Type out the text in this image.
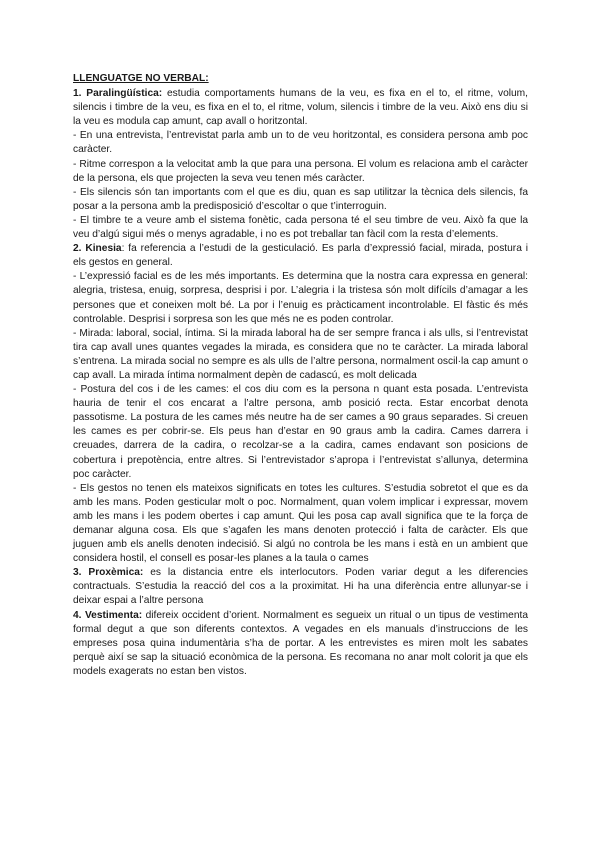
LLENGUATGE NO VERBAL:

1. Paralingüística: estudia comportaments humans de la veu, es fixa en el to, el ritme, volum, silencis i timbre de la veu, es fixa en el to, el ritme, volum, silencis i timbre de la veu. Això ens diu si la veu es modula cap amunt, cap avall o horitzontal.

- En una entrevista, l’entrevistat parla amb un to de veu horitzontal, es considera persona amb poc caràcter.

- Ritme correspon a la velocitat amb la que para una persona. El volum es relaciona amb el caràcter de la persona, els que projecten la seva veu tenen més caràcter.

- Els silencis són tan importants com el que es diu, quan es sap utilitzar la tècnica dels silencis, fa posar a la persona amb la predisposició d’escoltar o que t’interroguin.

- El timbre te a veure amb el sistema fonètic, cada persona té el seu timbre de veu. Això fa que la veu d’algú sigui més o menys agradable, i no es pot treballar tan fàcil com la resta d’elements.

2. Kinesia: fa referencia a l’estudi de la gesticulació. Es parla d’expressió facial, mirada, postura i els gestos en general.

- L’expressió facial es de les més importants. Es determina que la nostra cara expressa en general: alegria, tristesa, enuig, sorpresa, desprisi i por. L’alegria i la tristesa són molt difícils d’amagar a les persones que et coneixen molt bé. La por i l’enuig es pràcticament incontrolable. El fàstic és més controlable. Desprisi i sorpresa son les que més ne es poden controlar.

- Mirada: laboral, social, íntima. Si la mirada laboral ha de ser sempre franca i als ulls, si l’entrevistat tira cap avall unes quantes vegades la mirada, es considera que no te caràcter. La mirada laboral s’entrena. La mirada social no sempre es als ulls de l’altre persona, normalment oscil·la cap amunt o cap avall. La mirada íntima normalment depèn de cadascú, es molt delicada

- Postura del cos i de les cames: el cos diu com es la persona n quant esta posada. L’entrevista hauria de tenir el cos encarat a l’altre persona, amb posició recta. Estar encorbat denota passotisme. La postura de les cames més neutre ha de ser cames a 90 graus separades. Si creuen les cames es per cobrir-se. Els peus han d’estar en 90 graus amb la cadira. Cames darrera i creuades, darrera de la cadira, o recolzar-se a la cadira, cames endavant son posicions de cobertura i prepotència, entre altres. Si l’entrevistador s’apropa i l’entrevistat s’allunya, determina poc caràcter.

- Els gestos no tenen els mateixos significats en totes les cultures. S’estudia sobretot el que es da amb les mans. Poden gesticular molt o poc. Normalment, quan volem implicar i expressar, movem amb les mans i les podem obertes i cap amunt. Qui les posa cap avall significa que te la força de demanar alguna cosa. Els que s’agafen les mans denoten protecció i falta de caràcter. Els que juguen amb els anells denoten indecisió. Si algú no controla be les mans i està en un ambient que considera hostil, el consell es posar-les planes a la taula o cames

3. Proxèmica: es la distancia entre els interlocutors. Poden variar degut a les diferencies contractuals. S’estudia la reacció del cos a la proximitat. Hi ha una diferència entre allunyar-se i deixar espai a l’altre persona

4. Vestimenta: difereix occident d’orient. Normalment es segueix un ritual o un tipus de vestimenta formal degut a que son diferents contextos. A vegades en els manuals d’instruccions de les empreses posa quina indumentària s’ha de portar. A les entrevistes es miren molt les sabates perquè així se sap la situació econòmica de la persona. Es recomana no anar molt colorit ja que els models exagerats no estan ben vistos.
